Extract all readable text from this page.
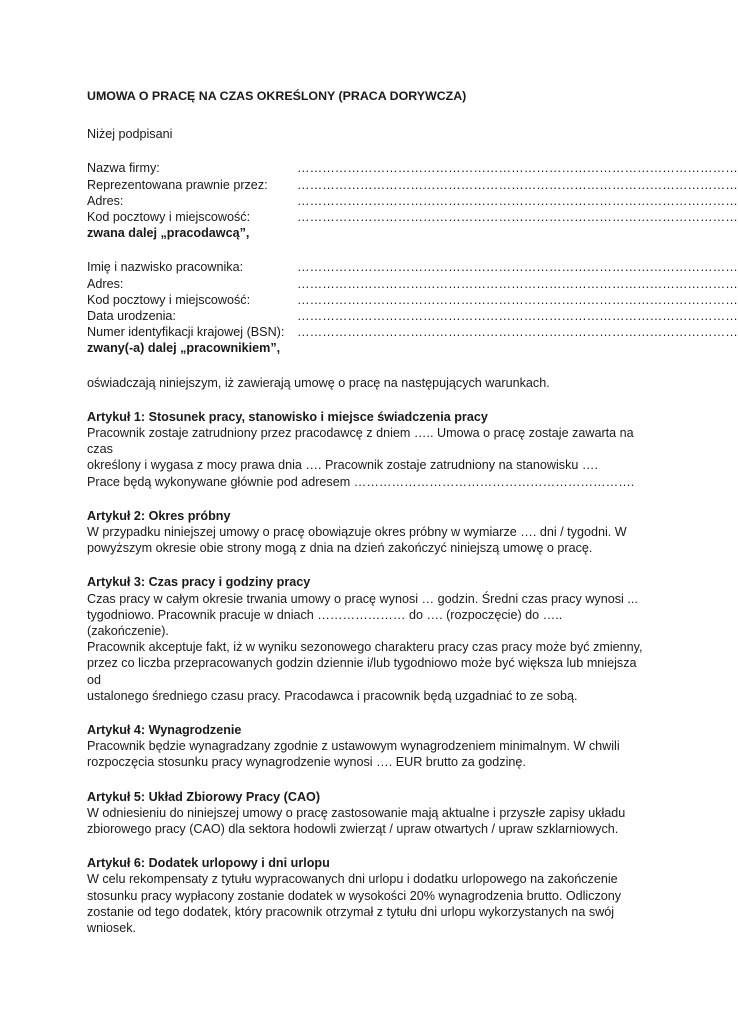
UMOWA O PRACĘ NA CZAS OKREŚLONY (PRACA DORYWCZA)
Niżej podpisani
Nazwa firmy:	……………………………………………………………………………………………
Reprezentowana prawnie przez:	……………………………………………………………………………………………
Adres:	……………………………………………………………………………………………
Kod pocztowy i miejscowość:	……………………………………………………………………………………………
zwana dalej „pracodawcą”,
Imię i nazwisko pracownika:	……………………………………………………………………………………………
Adres:	……………………………………………………………………………………………
Kod pocztowy i miejscowość:	……………………………………………………………………………………………
Data urodzenia:	……………………………………………………………………………………………
Numer identyfikacji krajowej (BSN):	……………………………………………………………………………………………
zwany(-a) dalej „pracownikiem”,
oświadczają niniejszym, iż zawierają umowę o pracę na następujących warunkach.
Artykuł 1: Stosunek pracy, stanowisko i miejsce świadczenia pracy

Pracownik zostaje zatrudniony przez pracodawcę z dniem ….. Umowa o pracę zostaje zawarta na czas

określony i wygasa z mocy prawa dnia …. Pracownik zostaje zatrudniony na stanowisku ….

Prace będą wykonywane głównie pod adresem ………………………………………………………….

Artykuł 2: Okres próbny

W przypadku niniejszej umowy o pracę obowiązuje okres próbny w wymiarze …. dni / tygodni. W

powyższym okresie obie strony mogą z dnia na dzień zakończyć niniejszą umowę o pracę.

Artykuł 3: Czas pracy i godziny pracy

Czas pracy w całym okresie trwania umowy o pracę wynosi … godzin. Średni czas pracy wynosi ...

tygodniowo. Pracownik pracuje w dniach ………………… do …. (rozpoczęcie) do ….. (zakończenie).

Pracownik akceptuje fakt, iż w wyniku sezonowego charakteru pracy czas pracy może być zmienny,

przez co liczba przepracowanych godzin dziennie i/lub tygodniowo może być większa lub mniejsza od

ustalonego średniego czasu pracy. Pracodawca i pracownik będą uzgadniać to ze sobą.

Artykuł 4: Wynagrodzenie

Pracownik będzie wynagradzany zgodnie z ustawowym wynagrodzeniem minimalnym. W chwili

rozpoczęcia stosunku pracy wynagrodzenie wynosi …. EUR brutto za godzinę.

Artykuł 5: Układ Zbiorowy Pracy (CAO)

W odniesieniu do niniejszej umowy o pracę zastosowanie mają aktualne i przyszłe zapisy układu

zbiorowego pracy (CAO) dla sektora hodowli zwierząt / upraw otwartych / upraw szklarniowych.

Artykuł 6: Dodatek urlopowy i dni urlopu

W celu rekompensaty z tytułu wypracowanych dni urlopu i dodatku urlopowego na zakończenie

stosunku pracy wypłacony zostanie dodatek w wysokości 20% wynagrodzenia brutto. Odliczony

zostanie od tego dodatek, który pracownik otrzymał z tytułu dni urlopu wykorzystanych na swój

wniosek.
